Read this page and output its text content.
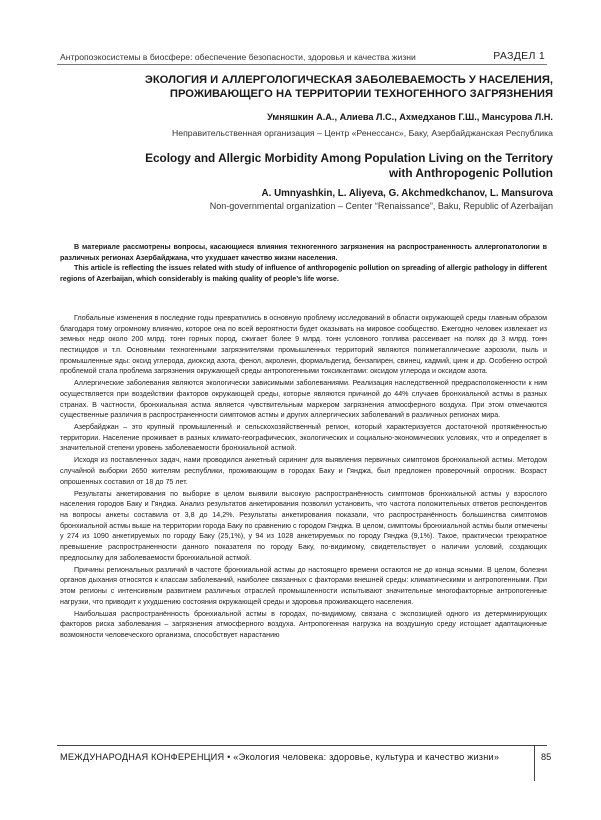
Антропоэкосистемы в биосфере: обеспечение безопасности, здоровья и качества жизни	РАЗДЕЛ 1
ЭКОЛОГИЯ И АЛЛЕРГОЛОГИЧЕСКАЯ ЗАБОЛЕВАЕМОСТЬ У НАСЕЛЕНИЯ,
ПРОЖИВАЮЩЕГО НА ТЕРРИТОРИИ ТЕХНОГЕННОГО ЗАГРЯЗНЕНИЯ
Умняшкин А.А., Алиева Л.С., Ахмедханов Г.Ш., Мансурова Л.Н.
Неправительственная организация – Центр «Ренессанс», Баку, Азербайджанская Республика
Ecology and Allergic Morbidity Among Population Living on the Territory
with Anthropogenic Pollution
A. Umnyashkin, L. Aliyeva, G. Akchmedkchanov, L. Mansurova
Non-governmental organization – Center “Renaissance”, Baku, Republic of Azerbaijan

В материале рассмотрены вопросы, касающиеся влияния техногенного загрязнения на распространенность аллергопатологии в различных регионах Азербайджана, что ухудшает качество жизни населения.

This article is reflecting the issues related with study of influence of anthropogenic pollution on spreading of allergic pathology in different regions of Azerbaijan, which considerably is making quality of people’s life worse.

Глобальные изменения в последние годы превратились в основную проблему исследований в области окружающей среды главным образом благодаря тому огромному влиянию, которое она по всей вероятности будет оказывать на мировое сообщество. Ежегодно человек извлекает из земных недр около 200 млрд. тонн горных пород, сжигает более 9 млрд. тонн условного топлива рассеивает на полях до 3 млрд. тонн пестицидов и т.п. Основными техногенными загрязнителями промышленных территорий являются полиметаллические аэрозоли, пыль и промышленные яды: оксид углерода, диоксид азота, фенол, акролеин, формальдегид, бензапирен, свинец, кадмий, цинк и др. Особенно острой проблемой стала проблема загрязнения окружающей среды антропогенными токсикантами: оксидом углерода и оксидом азота.

Аллергические заболевания являются экологически зависимыми заболеваниями. Реализация наследственной предрасположенности к ним осуществляется при воздействии факторов окружающей среды, которые являются причиной до 44% случаев бронхиальной астмы в разных странах. В частности, бронхиальная астма является чувствительным маркером загрязнения атмосферного воздуха. При этом отмечаются существенные различия в распространенности симптомов астмы и других аллергических заболеваний в различных регионах мира.

Азербайджан – это крупный промышленный и сельскохозяйственный регион, который характеризуется достаточной протяжённостью территории. Население проживает в разных климато-географических, экологических и социально-экономических условиях, что и определяет в значительной степени уровень заболеваемости бронхиальной астмой.

Исходя из поставленных задач, нами проводился анкетный скрининг для выявления первичных симптомов бронхиальной астмы. Методом случайной выборки 2650 жителям республики, проживающим в городах Баку и Гянджа, был предложен проверочный опросник. Возраст опрошенных составил от 18 до 75 лет.

Результаты анкетирования по выборке в целом выявили высокую распространённость симптомов бронхиальной астмы у взрослого населения городов Баку и Гянджа. Анализ результатов анкетирования позволил установить, что частота положительных ответов респондентов на вопросы анкеты составила от 3,8 до 14,2%. Результаты анкетирования показали, что распространённость большинства симптомов бронхиальной астмы выше на территории города Баку по сравнению с городом Гянджа. В целом, симптомы бронхиальной астмы были отмечены у 274 из 1090 анкетируемых по городу Баку (25,1%), у 94 из 1028 анкетируемых по городу Гянджа (9,1%). Такое, практически трехкратное превышение распространенности данного показателя по городу Баку, по-видимому, свидетельствует о наличии условий, создающих предпосылку для заболеваемости бронхиальной астмой.

Причины региональных различий в частоте бронхиальной астмы до настоящего времени остаются не до конца ясными. В целом, болезни органов дыхания относятся к классам заболеваний, наиболее связанных с факторами внешней среды: климатическими и антропогенными. При этом регионы с интенсивным развитием различных отраслей промышленности испытывают значительные многофакторные антропогенные нагрузки, что приводит к ухудшению состояния окружающей среды и здоровья проживающего населения.

Наибольшая распространённость бронхиальной астмы в городах, по-видимому, связана с экспозицией одного из детерминирующих факторов риска заболевания – загрязнения атмосферного воздуха. Антропогенная нагрузка на воздушную среду истощает адаптационные возможности человеческого организма, способствует нарастанию

МЕЖДУНАРОДНАЯ КОНФЕРЕНЦИЯ • «Экология человека: здоровье, культура и качество жизни»	85
